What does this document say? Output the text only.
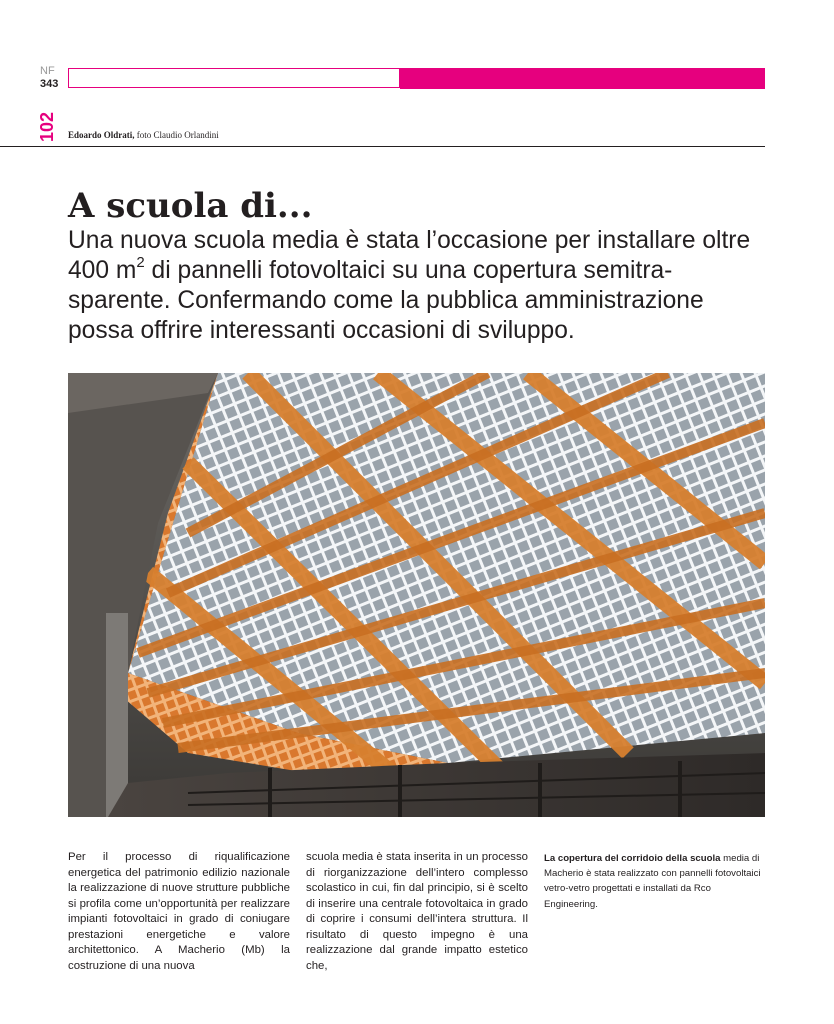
NF
343
102	Edoardo Oldrati, foto Claudio Orlandini
A scuola di...

Una nuova scuola media è stata l’occasione per installare oltre 400 $m^2$ di pannelli fotovoltaici su una copertura semitra-sparente. Confermando come la pubblica amministrazione possa offrire interessanti occasioni di sviluppo.

Per il processo di riqualificazione energetica del patrimonio edilizio nazionale la realizzazione di nuove strutture pubbliche si profila come un’opportunità per realizzare impianti fotovoltaici in grado di coniugare prestazioni energetiche e valore architettonico. A Macherio (Mb) la costruzione di una nuova

scuola media è stata inserita in un processo di riorganizzazione dell’intero complesso scolastico in cui, fin dal principio, si è scelto di inserire una centrale fotovoltaica in grado di coprire i consumi dell’intera struttura. Il risultato di questo impegno è una realizzazione dal grande impatto estetico che,

La copertura del corridoio della scuola media di Macherio è stata realizzato con pannelli fotovoltaici vetro-vetro progettati e installati da Rco Engineering.
